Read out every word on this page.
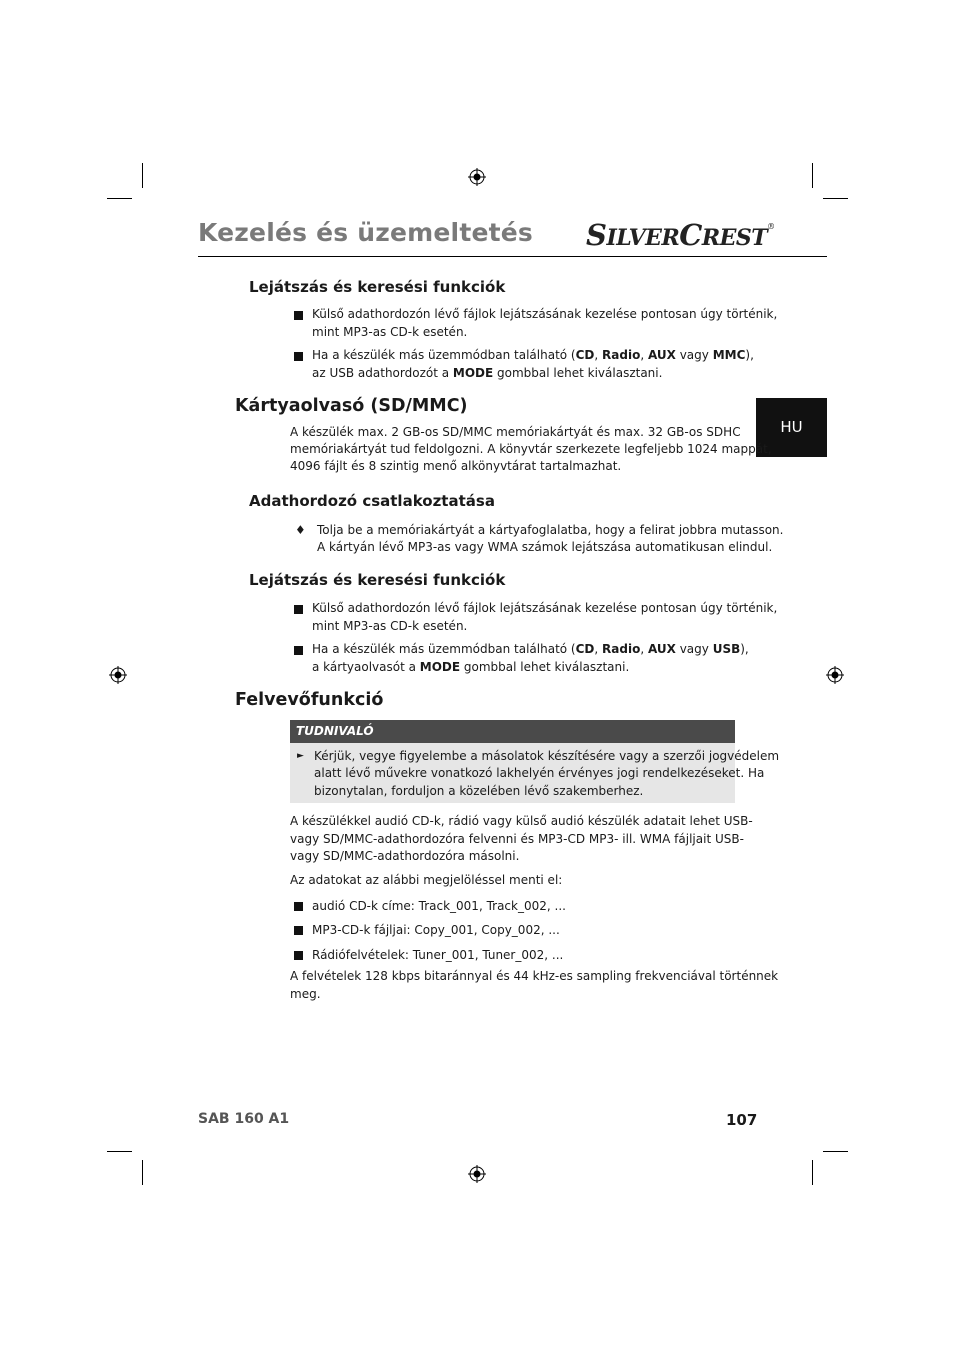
Kezelés és üzemeltetés SILVERCREST®
HU
Lejátszás és keresési funkciók
Külső adathordozón lévő fájlok lejátszásának kezelése pontosan úgy történik,
mint MP3-as CD-k esetén.
Ha a készülék más üzemmódban található (CD, Radio, AUX vagy MMC),
az USB adathordozót a MODE gombbal lehet kiválasztani.
Kártyaolvasó (SD/MMC)
A készülék max. 2 GB-os SD/MMC memóriakártyát és max. 32 GB-os SDHC
memóriakártyát tud feldolgozni. A könyvtár szerkezete legfeljebb 1024 mappát,
4096 fájlt és 8 szintig menő alkönyvtárat tartalmazhat.
Adathordozó csatlakoztatása
♦ Tolja be a memóriakártyát a kártyafoglalatba, hogy a felirat jobbra mutasson.
A kártyán lévő MP3-as vagy WMA számok lejátszása automatikusan elindul.
Lejátszás és keresési funkciók
Külső adathordozón lévő fájlok lejátszásának kezelése pontosan úgy történik,
mint MP3-as CD-k esetén.
Ha a készülék más üzemmódban található (CD, Radio, AUX vagy USB),
a kártyaolvasót a MODE gombbal lehet kiválasztani.
Felvevőfunkció
TUDNIVALÓ
► Kérjük, vegye figyelembe a másolatok készítésére vagy a szerzői jogvédelem
alatt lévő művekre vonatkozó lakhelyén érvényes jogi rendelkezéseket. Ha
bizonytalan, forduljon a közelében lévő szakemberhez.
A készülékkel audió CD-k, rádió vagy külső audió készülék adatait lehet USB-
vagy SD/MMC-adathordozóra felvenni és MP3-CD MP3- ill. WMA fájljait USB-
vagy SD/MMC-adathordozóra másolni.
Az adatokat az alábbi megjelöléssel menti el:
audió CD-k címe: Track_001, Track_002, ...
MP3-CD-k fájljai: Copy_001, Copy_002, ...
Rádiófelvételek: Tuner_001, Tuner_002, ...
A felvételek 128 kbps bitaránnyal és 44 kHz-es sampling frekvenciával történnek
meg.
SAB 160 A1	107
